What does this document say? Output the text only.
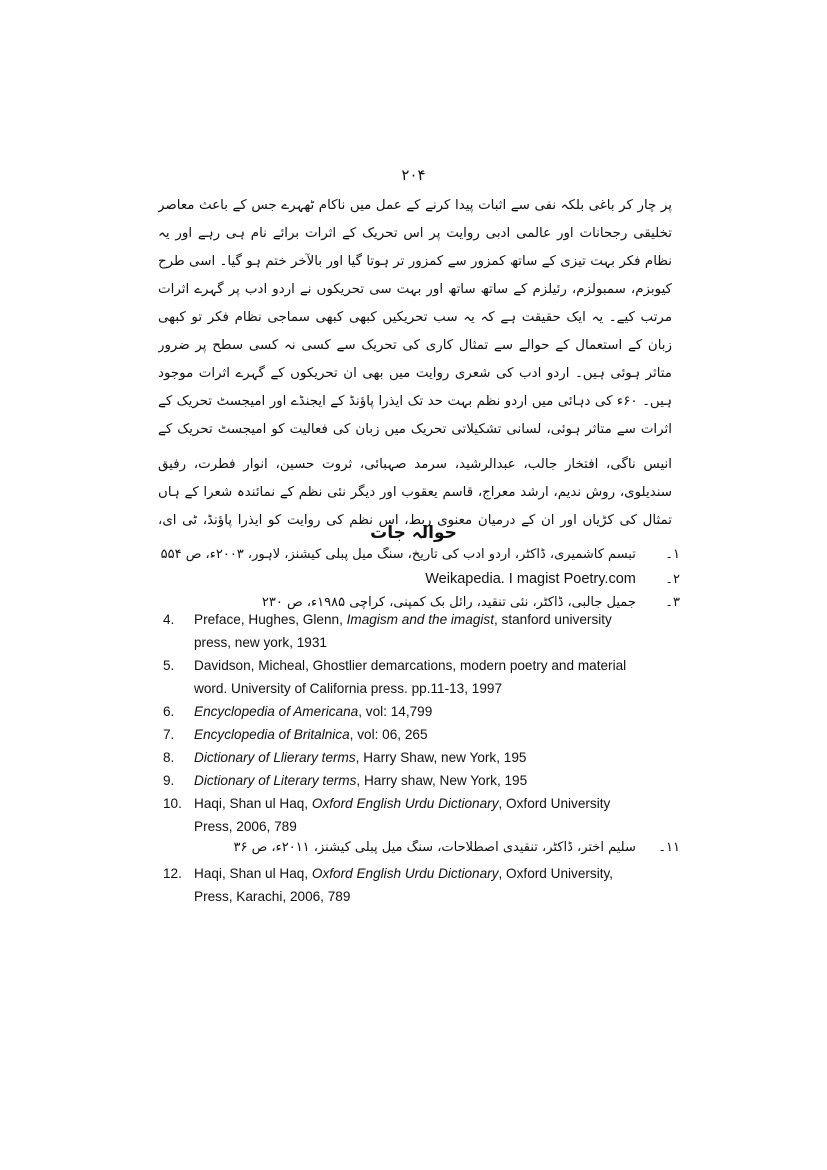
۲۰۴
پر چار کر باغی بلکہ نفی سے اثبات پیدا کرنے کے عمل میں ناکام ٹھہرے جس کے باعث معاصر تخلیقی رجحانات اور عالمی ادبی روایت پر اس تحریک کے اثرات برائے نام ہی رہے اور یہ نظام فکر بہت تیزی کے ساتھ کمزور سے کمزور تر ہوتا گیا اور بالآخر ختم ہو گیا۔ اسی طرح کیوبزم، سمبولزم، رئیلزم کے ساتھ ساتھ اور بہت سی تحریکوں نے اردو ادب پر گہرے اثرات مرتب کیے۔ یہ ایک حقیقت ہے کہ یہ سب تحریکیں کبھی کبھی سماجی نظام فکر تو کبھی زبان کے استعمال کے حوالے سے تمثال کاری کی تحریک سے کسی نہ کسی سطح پر ضرور متاثر ہوئی ہیں۔ اردو ادب کی شعری روایت میں بھی ان تحریکوں کے گہرے اثرات موجود ہیں۔ ۶۰ء کی دہائی میں اردو نظم بہت حد تک ایذرا پاؤنڈ کے ایجنڈے اور امیجسٹ تحریک کے اثرات سے متاثر ہوئی، لسانی تشکیلاتی تحریک میں زبان کی فعالیت کو امیجسٹ تحریک کے
انیس ناگی، افتخار جالب، عبدالرشید، سرمد صہبائی، ثروت حسین، انوار فطرت، رفیق سندیلوی، روش ندیم، ارشد معراج، قاسم یعقوب اور دیگر نئی نظم کے نمائندہ شعرا کے ہاں تمثال کی کڑیاں اور ان کے درمیان معنوی ربط، اس نظم کی روایت کو ایذرا پاؤنڈ، ٹی ای،
حوالہ جات
۱۔ تبسم کاشمیری، ڈاکٹر، اردو ادب کی تاریخ، سنگ میل پبلی کیشنز، لاہور، ۲۰۰۳ء، ص ۵۵۴
۲۔ Weikapedia. I magist Poetry.com
۳۔ جمیل جالبی، ڈاکٹر، نئی تنقید، رائل بک کمپنی، کراچی ۱۹۸۵ء، ص ۲۳۰
4. Preface, Hughes, Glenn, Imagism and the imagist, stanford university press, new york, 1931
5. Davidson, Micheal, Ghostlier demarcations, modern poetry and material word. University of California press. pp.11-13, 1997
6. Encyclopedia of Americana, vol: 14,799
7. Encyclopedia of Britalnica, vol: 06, 265
8. Dictionary of Llierary terms, Harry Shaw, new York, 195
9. Dictionary of Literary terms, Harry shaw, New York, 195
10. Haqi, Shan ul Haq, Oxford English Urdu Dictionary, Oxford University Press, 2006, 789
۱۱۔ سلیم اختر، ڈاکٹر، تنقیدی اصطلاحات، سنگ میل پبلی کیشنز، ۲۰۱۱ء، ص ۳۶
12. Haqi, Shan ul Haq, Oxford English Urdu Dictionary, Oxford University, Press, Karachi, 2006, 789
